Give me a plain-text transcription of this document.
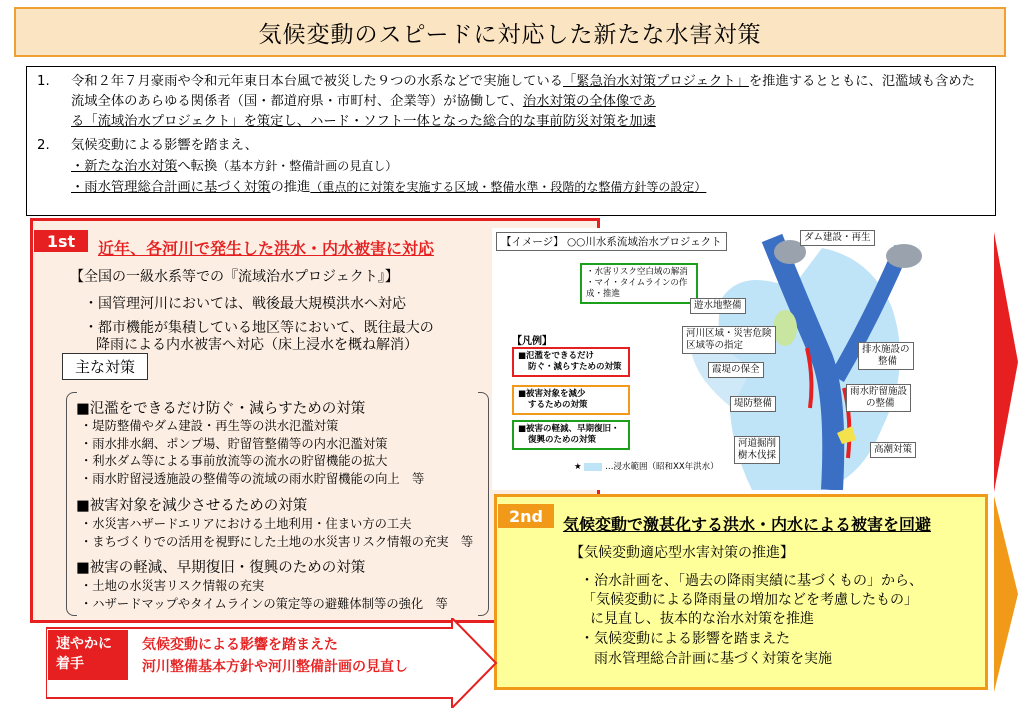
気候変動のスピードに対応した新たな水害対策
1.	令和２年７月豪雨や令和元年東日本台風で被災した９つの水系などで実施している「緊急治水対策プロジェクト」を推進するとともに、氾濫域も含めた流域全体のあらゆる関係者（国・都道府県・市町村、企業等）が協働して、治水対策の全体像であ
る「流域治水プロジェクト」を策定し、ハード・ソフト一体となった総合的な事前防災対策を加速
2.	気候変動による影響を踏まえ、
・新たな治水対策へ転換（基本方針・整備計画の見直し）
・雨水管理総合計画に基づく対策の推進（重点的に対策を実施する区域・整備水準・段階的な整備方針等の設定）
1st	近年、各河川で発生した洪水・内水被害に対応
【全国の一級水系等での『流域治水プロジェクト』】
・国管理河川においては、戦後最大規模洪水へ対応
・都市機能が集積している地区等において、既往最大の
降雨による内水被害へ対応（床上浸水を概ね解消）
主な対策
■氾濫をできるだけ防ぐ・減らすための対策
・堤防整備やダム建設・再生等の洪水氾濫対策
・雨水排水網、ポンプ場、貯留管整備等の内水氾濫対策
・利水ダム等による事前放流等の流水の貯留機能の拡大
・雨水貯留浸透施設の整備等の流域の雨水貯留機能の向上　等
■被害対象を減少させるための対策
・水災害ハザードエリアにおける土地利用・住まい方の工夫
・まちづくりでの活用を視野にした土地の水災害リスク情報の充実　等
■被害の軽減、早期復旧・復興のための対策
・土地の水災害リスク情報の充実
・ハザードマップやタイムラインの策定等の避難体制等の強化　等
【イメージ】 ○○川水系流域治水プロジェクト
・水害リスク空白域の解消
・マイ・タイムラインの作成・推進
【凡例】
■氾濫をできるだけ
防ぐ・減らすための対策
■被害対象を減少
するための対策
■被害の軽減、早期復旧・
復興のための対策
★	…浸水範囲（昭和XX年洪水）
ダム建設・再生
遊水地整備
河川区域・災害危険
区域等の指定
霞堤の保全
堤防整備
排水施設の
整備
雨水貯留施設
の整備
河道掘削
樹木伐採
高潮対策
2nd	気候変動で激甚化する洪水・内水による被害を回避
【気候変動適応型水害対策の推進】
・治水計画を、「過去の降雨実績に基づくもの」から、
「気候変動による降雨量の増加などを考慮したもの」
に見直し、抜本的な治水対策を推進
・気候変動による影響を踏まえた
雨水管理総合計画に基づく対策を実施
速やかに
着手
気候変動による影響を踏まえた
河川整備基本方針や河川整備計画の見直し
